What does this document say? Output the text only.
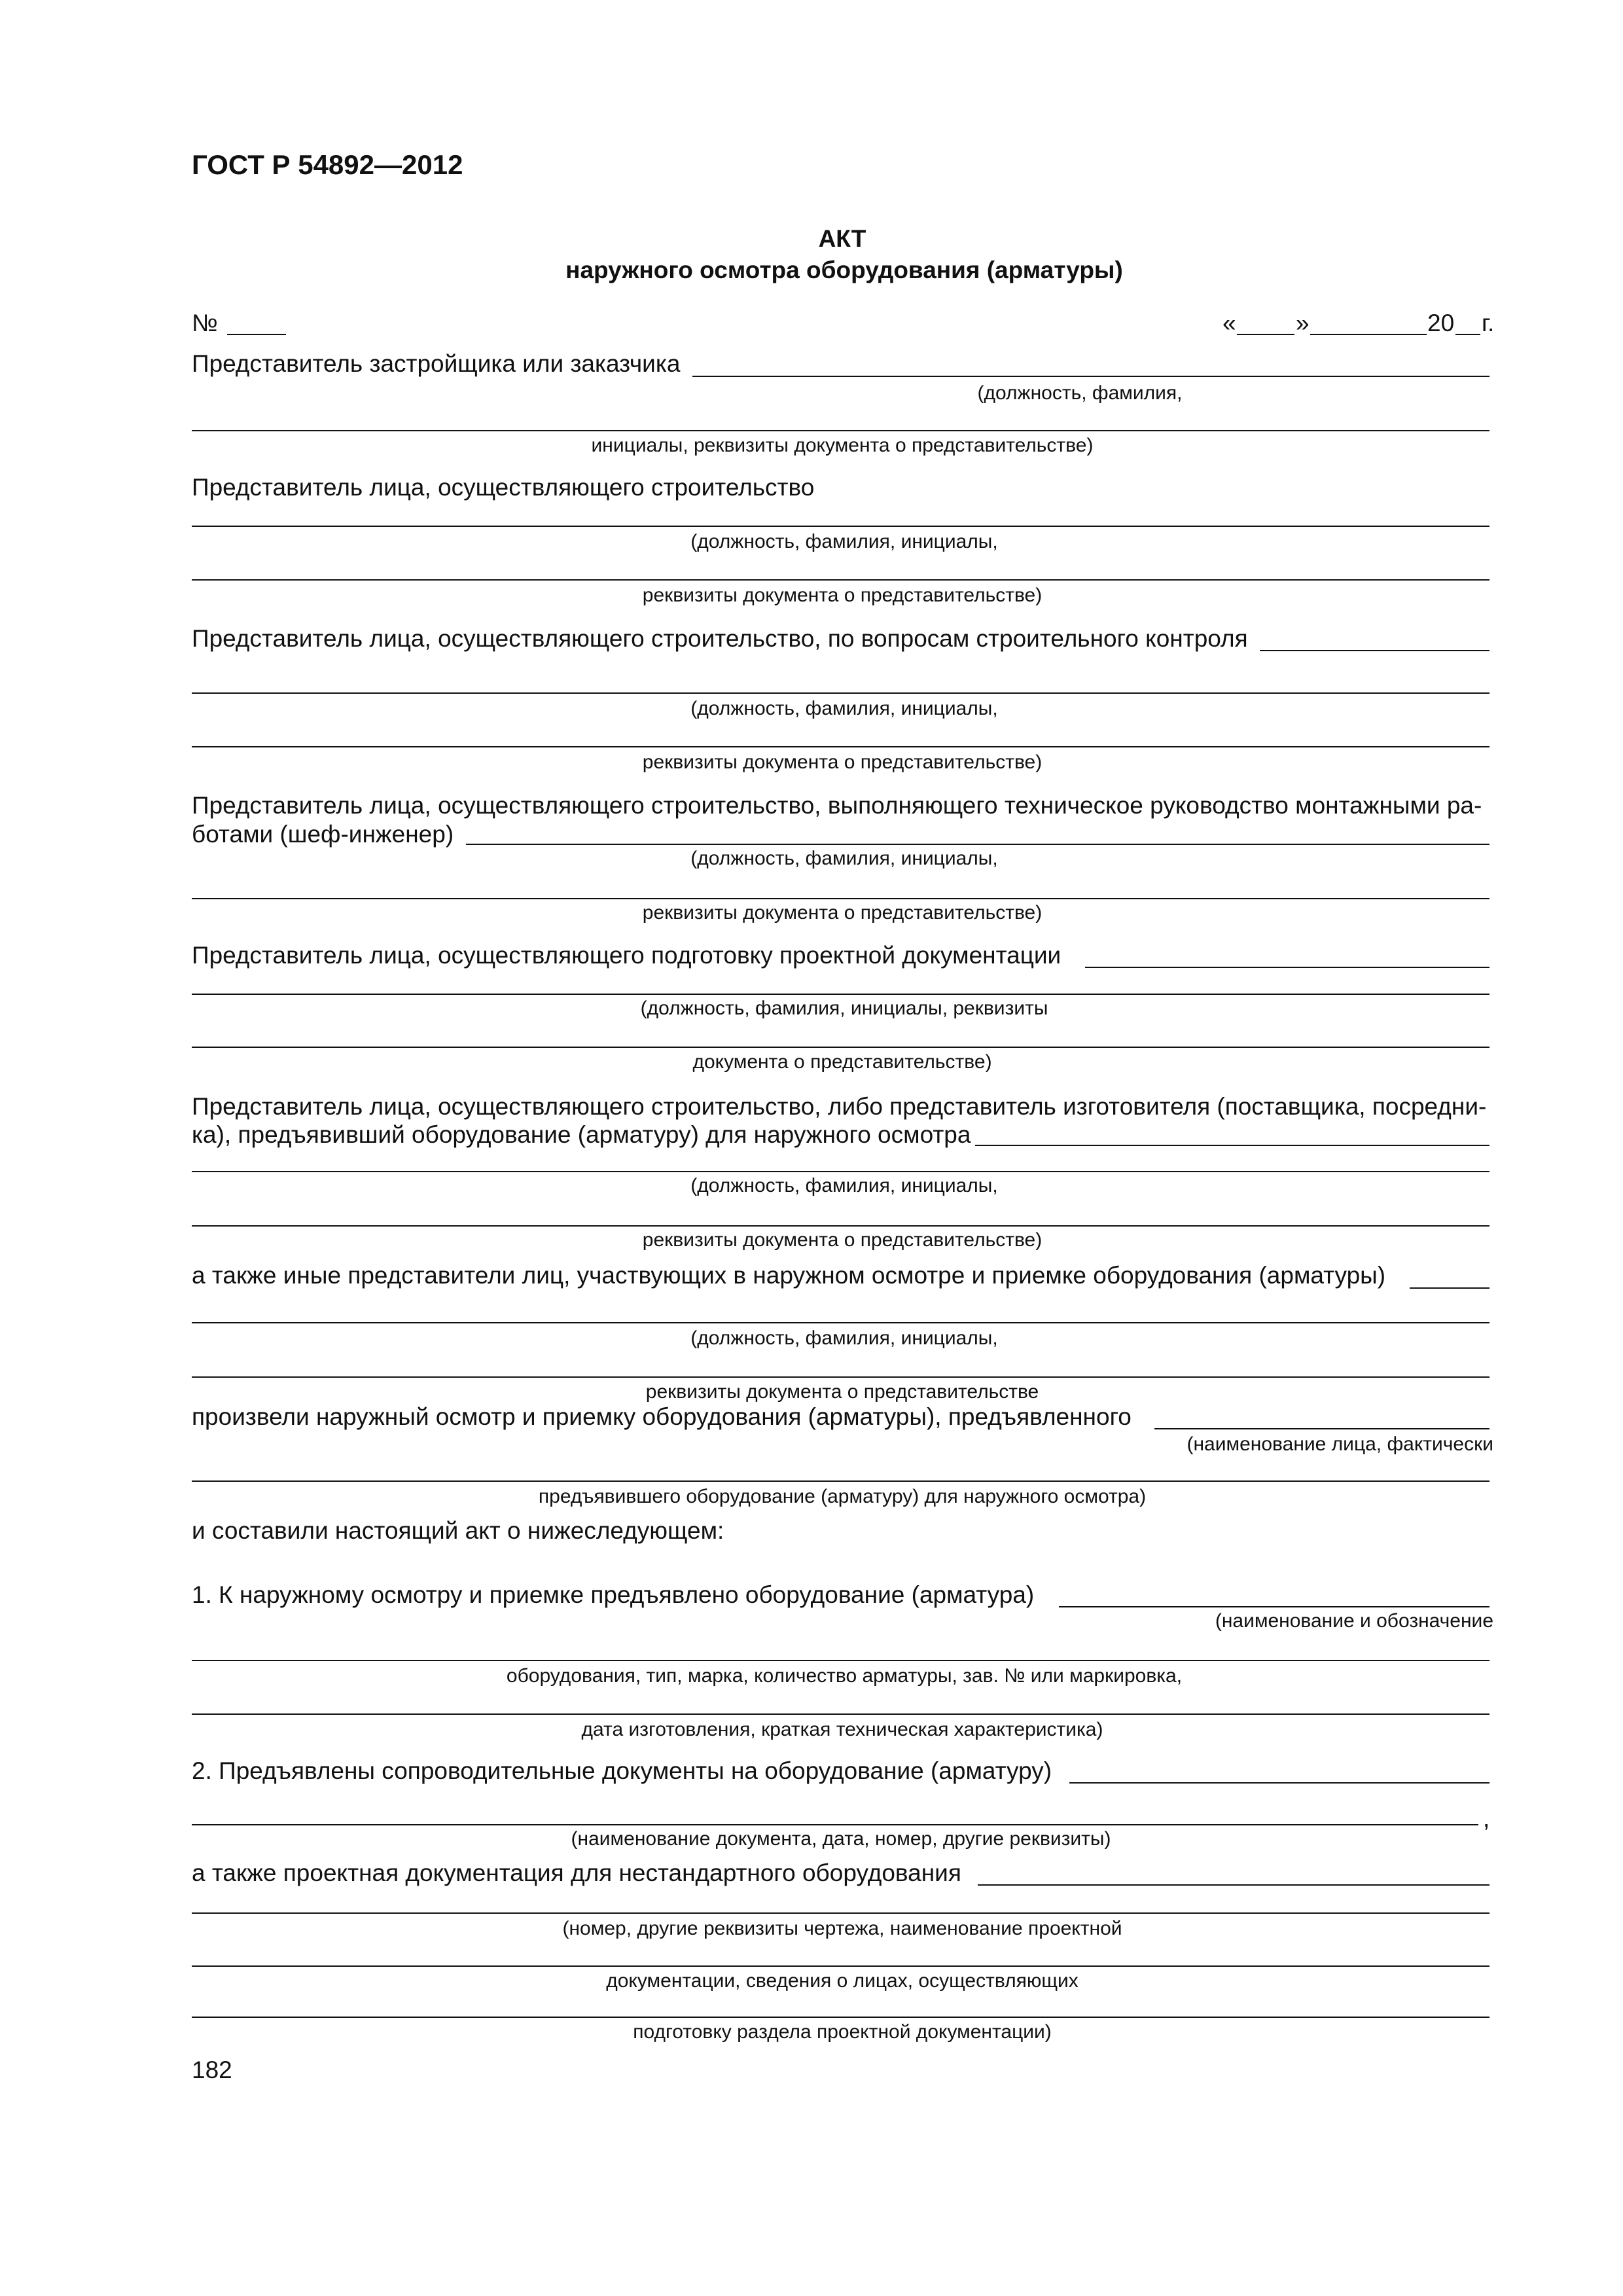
ГОСТ Р 54892—2012
АКТ
наружного осмотра оборудования (арматуры)
№	« »	20 г.
Представитель застройщика или заказчика
(должность, фамилия,
инициалы, реквизиты документа о представительстве)
Представитель лица, осуществляющего строительство
(должность, фамилия, инициалы,
реквизиты документа о представительстве)
Представитель лица, осуществляющего строительство, по вопросам строительного контроля
(должность, фамилия, инициалы,
реквизиты документа о представительстве)
Представитель лица, осуществляющего строительство, выполняющего техническое руководство монтажными ра-
ботами (шеф-инженер)
(должность, фамилия, инициалы,
реквизиты документа о представительстве)
Представитель лица, осуществляющего подготовку проектной документации
(должность, фамилия, инициалы, реквизиты
документа о представительстве)
Представитель лица, осуществляющего строительство, либо представитель изготовителя (поставщика, посредни-
ка), предъявивший оборудование (арматуру) для наружного осмотра
(должность, фамилия, инициалы,
реквизиты документа о представительстве)
а также иные представители лиц, участвующих в наружном осмотре и приемке оборудования (арматуры)
(должность, фамилия, инициалы,
реквизиты документа о представительстве
произвели наружный осмотр и приемку оборудования (арматуры), предъявленного
(наименование лица, фактически
предъявившего оборудование (арматуру) для наружного осмотра)
и составили настоящий акт о нижеследующем:
1. К наружному осмотру и приемке предъявлено оборудование (арматура)
(наименование и обозначение
оборудования, тип, марка, количество арматуры, зав. № или маркировка,
дата изготовления, краткая техническая характеристика)
2. Предъявлены сопроводительные документы на оборудование (арматуру)
,
(наименование документа, дата, номер, другие реквизиты)
а также проектная документация для нестандартного оборудования
(номер, другие реквизиты чертежа, наименование проектной
документации, сведения о лицах, осуществляющих
подготовку раздела проектной документации)
182
